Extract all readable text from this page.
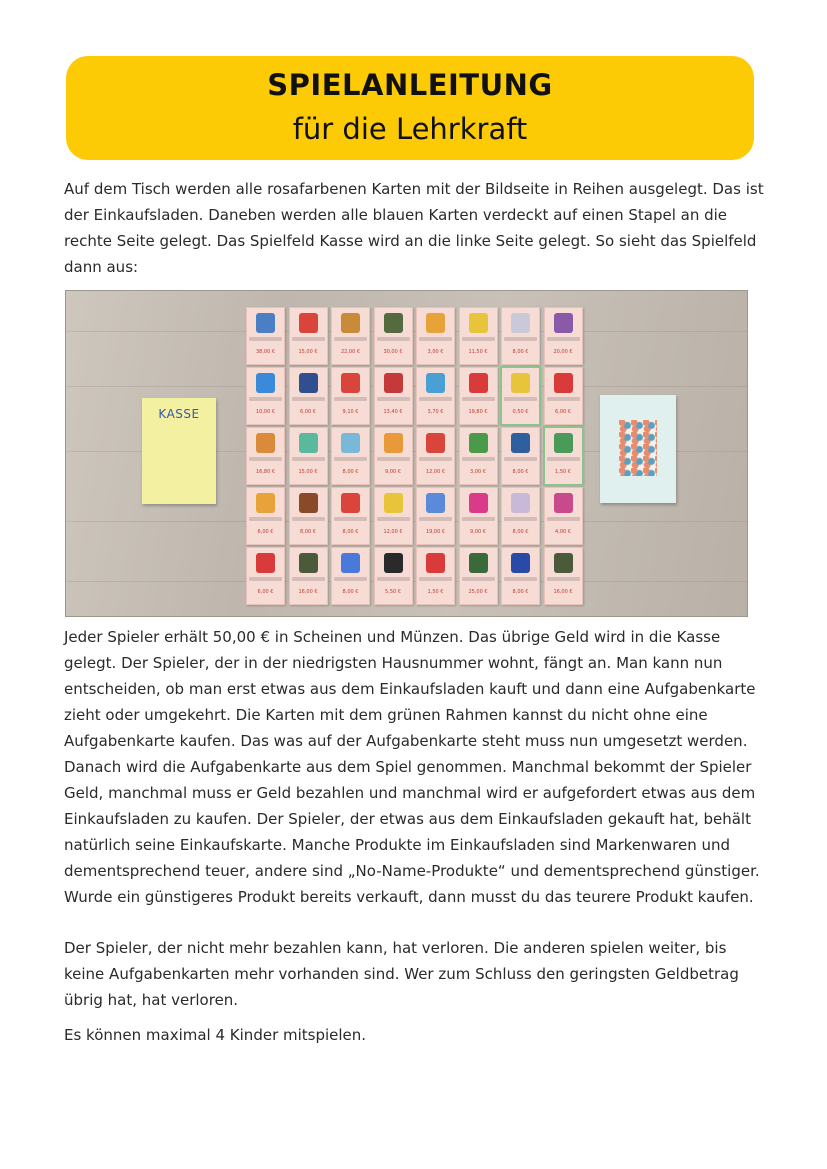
SPIELANLEITUNG
für die Lehrkraft
Auf dem Tisch werden alle rosafarbenen Karten mit der Bildseite in Reihen ausgelegt. Das ist der Einkaufsladen. Daneben werden alle blauen Karten verdeckt auf einen Stapel an die rechte Seite gelegt. Das Spielfeld Kasse wird an die linke Seite gelegt. So sieht das Spielfeld dann aus:
KASSE
38,00 €	15,00 €	22,00 €	30,00 €	3,00 €	11,50 €	8,00 €	20,00 €
10,00 €	6,00 €	9,10 €	13,40 €	3,70 €	19,80 €	0,50 €	6,00 €
16,80 €	15,00 €	8,00 €	9,00 €	12,00 €	3,00 €	8,00 €	1,50 €
6,00 €	8,00 €	8,00 €	12,00 €	19,00 €	9,00 €	8,00 €	4,00 €
6,00 €	16,00 €	8,00 €	5,50 €	1,50 €	25,00 €	8,00 €	16,00 €
Jeder Spieler erhält 50,00 € in Scheinen und Münzen. Das übrige Geld wird in die Kasse gelegt. Der Spieler, der in der niedrigsten Hausnummer wohnt, fängt an. Man kann nun entscheiden, ob man erst etwas aus dem Einkaufsladen kauft und dann eine Aufgabenkarte zieht oder umgekehrt. Die Karten mit dem grünen Rahmen kannst du nicht ohne eine Aufgabenkarte kaufen. Das was auf der Aufgabenkarte steht muss nun umgesetzt werden. Danach wird die Aufgabenkarte aus dem Spiel genommen. Manchmal bekommt der Spieler Geld, manchmal muss er Geld bezahlen und manchmal wird er aufgefordert etwas aus dem Einkaufsladen zu kaufen. Der Spieler, der etwas aus dem Einkaufsladen gekauft hat, behält natürlich seine Einkaufskarte. Manche Produkte im Einkaufsladen sind Markenwaren und dementsprechend teuer, andere sind „No-Name-Produkte“ und dementsprechend günstiger. Wurde ein günstigeres Produkt bereits verkauft, dann musst du das teurere Produkt kaufen.
Der Spieler, der nicht mehr bezahlen kann, hat verloren. Die anderen spielen weiter, bis keine Aufgabenkarten mehr vorhanden sind. Wer zum Schluss den geringsten Geldbetrag übrig hat, hat verloren.
Es können maximal 4 Kinder mitspielen.
